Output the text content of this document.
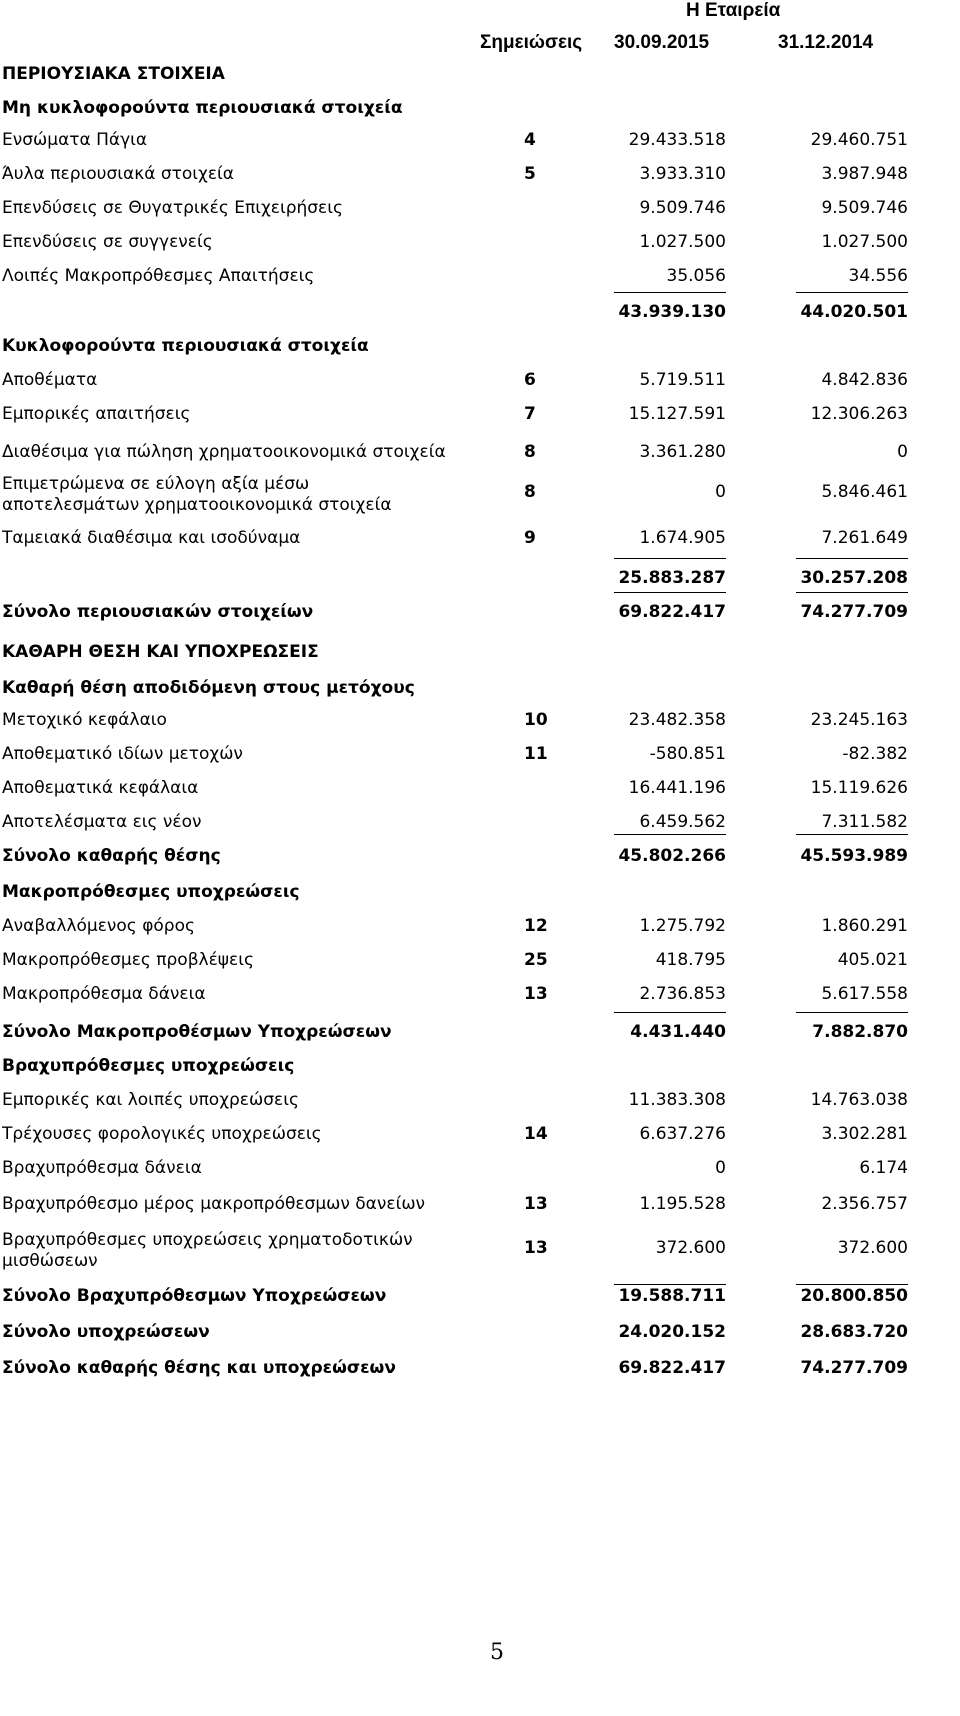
Η Εταιρεία
Σημειώσεις 30.09.2015	31.12.2014
ΠΕΡΙΟΥΣΙΑΚΑ ΣΤΟΙΧΕΙΑ
Μη κυκλοφορούντα περιουσιακά στοιχεία
Ενσώματα Πάγια	4	29.433.518	29.460.751
Άυλα περιουσιακά στοιχεία	5	3.933.310	3.987.948
Επενδύσεις σε Θυγατρικές Επιχειρήσεις	9.509.746	9.509.746
Επενδύσεις σε συγγενείς	1.027.500	1.027.500
Λοιπές Μακροπρόθεσμες Απαιτήσεις	35.056	34.556
43.939.130	44.020.501
Κυκλοφορούντα περιουσιακά στοιχεία
Αποθέματα	6	5.719.511	4.842.836
Εμπορικές απαιτήσεις	7	15.127.591	12.306.263
Διαθέσιμα για πώληση χρηματοοικονομικά στοιχεία	8	3.361.280	0
Επιμετρώμενα σε εύλογη αξία μέσω αποτελεσμάτων χρηματοοικονομικά στοιχεία
8	0	5.846.461
Ταμειακά διαθέσιμα και ισοδύναμα	9	1.674.905	7.261.649
25.883.287	30.257.208
Σύνολο περιουσιακών στοιχείων	69.822.417	74.277.709
ΚΑΘΑΡΗ ΘΕΣΗ ΚΑΙ ΥΠΟΧΡΕΩΣΕΙΣ
Καθαρή θέση αποδιδόμενη στους μετόχους
Μετοχικό κεφάλαιο	10	23.482.358	23.245.163
Αποθεματικό ιδίων μετοχών	11	-580.851	-82.382
Αποθεματικά κεφάλαια	16.441.196	15.119.626
Αποτελέσματα εις νέον	6.459.562	7.311.582
Σύνολο καθαρής θέσης	45.802.266	45.593.989
Μακροπρόθεσμες υποχρεώσεις
Αναβαλλόμενος φόρος	12	1.275.792	1.860.291
Μακροπρόθεσμες προβλέψεις	25	418.795	405.021
Μακροπρόθεσμα δάνεια	13	2.736.853	5.617.558
Σύνολο Μακροπροθέσμων Υποχρεώσεων	4.431.440	7.882.870
Βραχυπρόθεσμες υποχρεώσεις
Εμπορικές και λοιπές υποχρεώσεις	11.383.308	14.763.038
Τρέχουσες φορολογικές υποχρεώσεις	14	6.637.276	3.302.281
Βραχυπρόθεσμα δάνεια	0	6.174
Βραχυπρόθεσμο μέρος μακροπρόθεσμων δανείων	13	1.195.528	2.356.757
Βραχυπρόθεσμες υποχρεώσεις χρηματοδοτικών μισθώσεων
13	372.600	372.600
Σύνολο Βραχυπρόθεσμων Υποχρεώσεων	19.588.711	20.800.850
Σύνολο υποχρεώσεων	24.020.152	28.683.720
Σύνολο καθαρής θέσης και υποχρεώσεων	69.822.417	74.277.709
5
